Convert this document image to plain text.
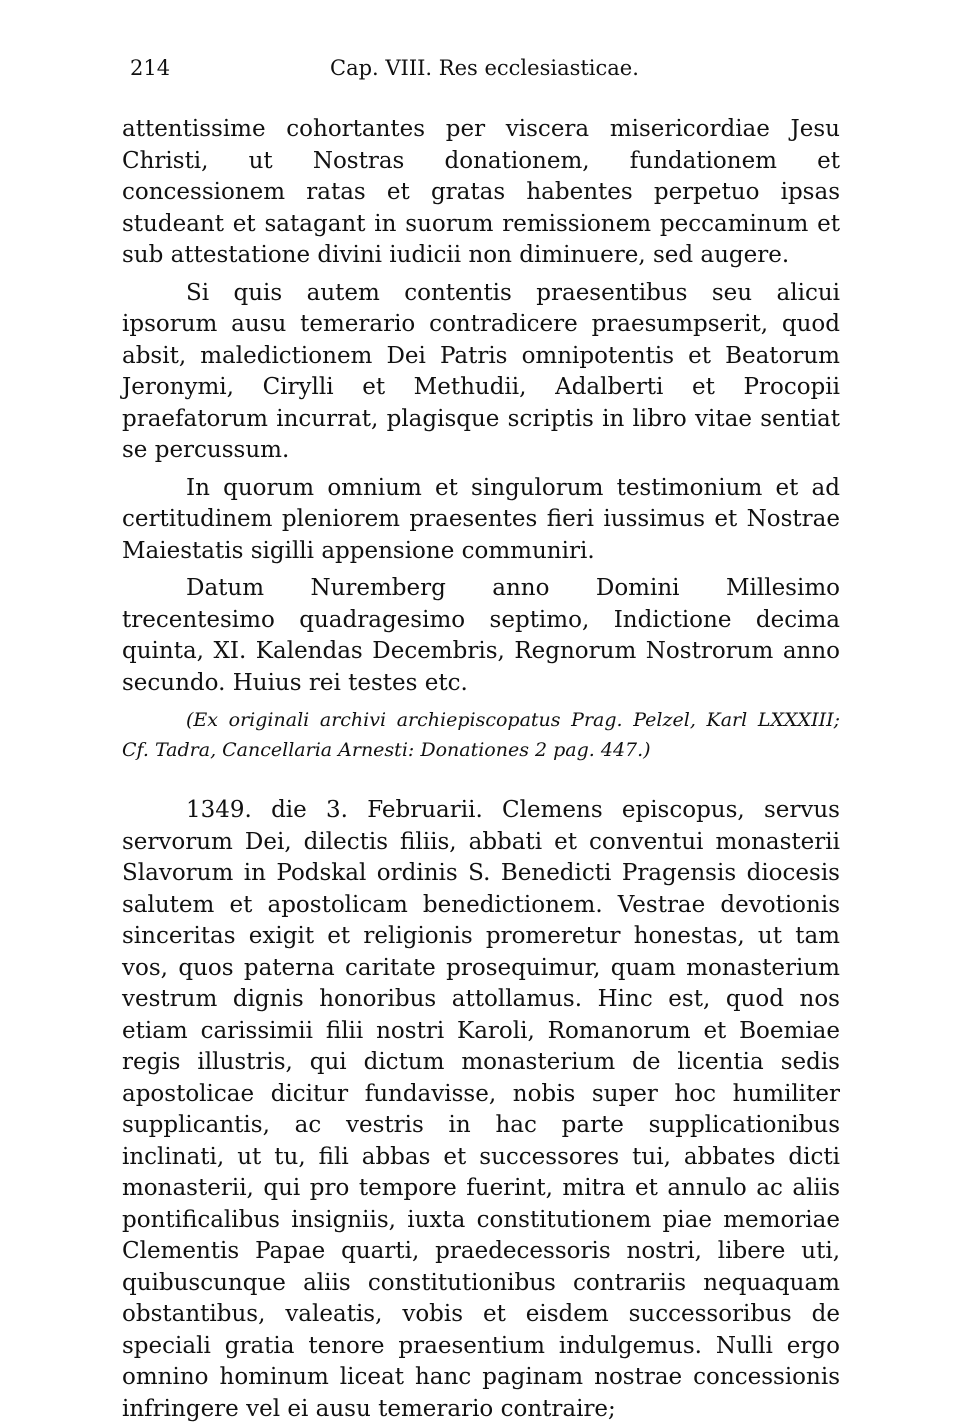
214	Cap. VIII. Res ecclesiasticae.

attentissime cohortantes per viscera misericordiae Jesu Christi, ut Nostras donationem, fundationem et concessionem ratas et gratas habentes perpetuo ipsas studeant et satagant in suorum remissionem peccaminum et sub attestatione divini iudicii non diminuere, sed augere.

Si quis autem contentis praesentibus seu alicui ipsorum ausu temerario contradicere praesumpserit, quod absit, maledictionem Dei Patris omnipotentis et Beatorum Jeronymi, Cirylli et Methudii, Adalberti et Procopii praefatorum incurrat, plagisque scriptis in libro vitae sentiat se percussum.

In quorum omnium et singulorum testimonium et ad certitudinem pleniorem praesentes fieri iussimus et Nostrae Maiestatis sigilli appensione communiri.

Datum Nuremberg anno Domini Millesimo trecentesimo quadragesimo septimo, Indictione decima quinta, XI. Kalendas Decembris, Regnorum Nostrorum anno secundo. Huius rei testes etc.

(Ex originali archivi archiepiscopatus Prag. Pelzel, Karl LXXXIII; Cf. Tadra, Cancellaria Arnesti: Donationes 2 pag. 447.)

1349. die 3. Februarii. Clemens episcopus, servus servorum Dei, dilectis filiis, abbati et conventui monasterii Slavorum in Podskal ordinis S. Benedicti Pragensis diocesis salutem et apostolicam benedictionem. Vestrae devotionis sinceritas exigit et religionis promeretur honestas, ut tam vos, quos paterna caritate prosequimur, quam monasterium vestrum dignis honoribus attollamus. Hinc est, quod nos etiam carissimii filii nostri Karoli, Romanorum et Boemiae regis illustris, qui dictum monasterium de licentia sedis apostolicae dicitur fundavisse, nobis super hoc humiliter supplicantis, ac vestris in hac parte supplicationibus inclinati, ut tu, fili abbas et successores tui, abbates dicti monasterii, qui pro tempore fuerint, mitra et annulo ac aliis pontificalibus insigniis, iuxta constitutionem piae memoriae Clementis Papae quarti, praedecessoris nostri, libere uti, quibuscunque aliis constitutionibus contrariis nequaquam obstantibus, valeatis, vobis et eisdem successoribus de speciali gratia tenore praesentium indulgemus. Nulli ergo omnino hominum liceat hanc paginam nostrae concessionis infringere vel ei ausu temerario contraire;
